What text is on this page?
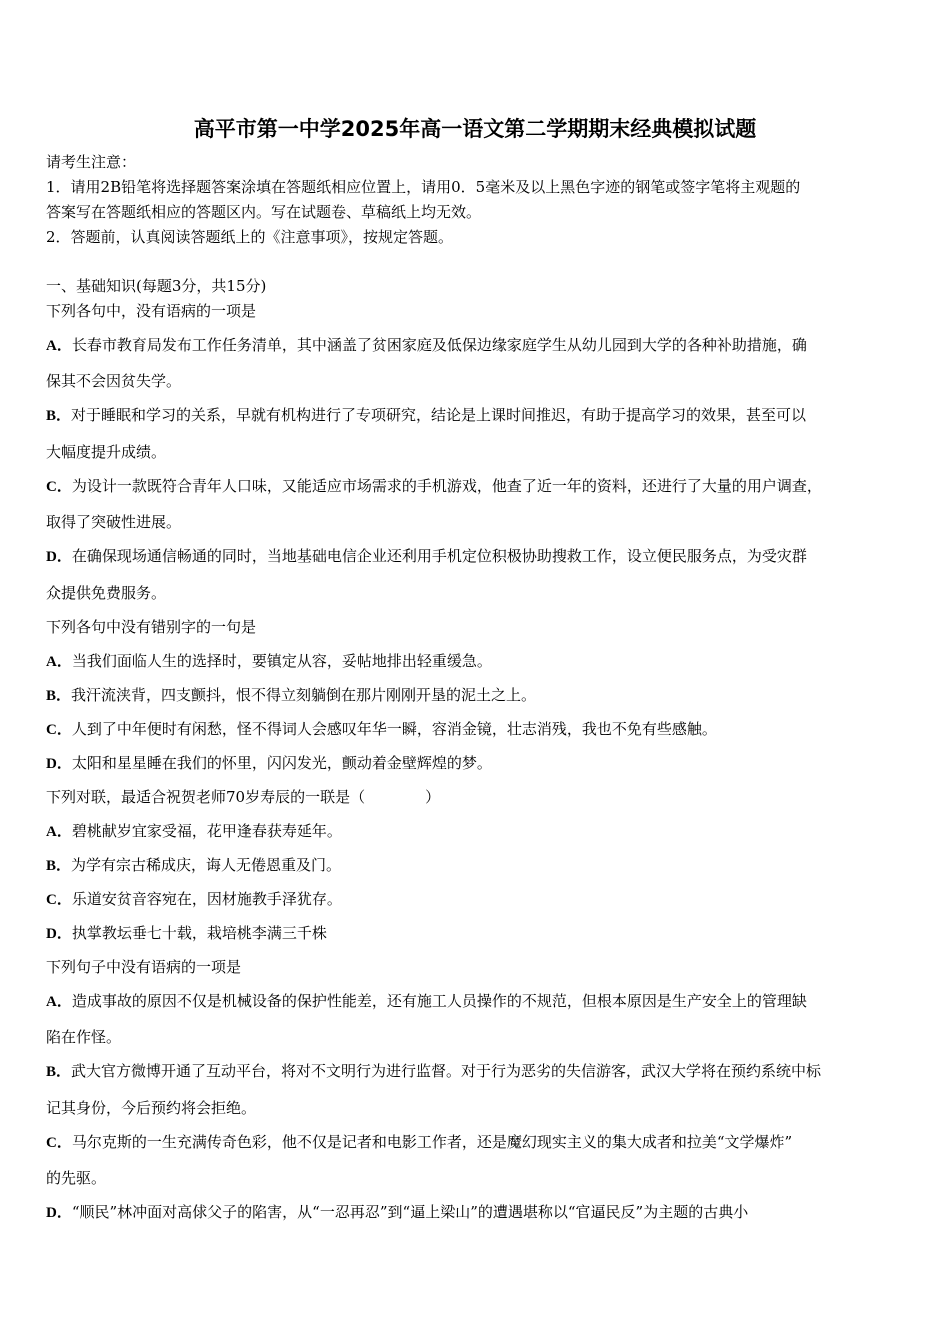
高平市第一中学2025年高一语文第二学期期末经典模拟试题
请考生注意：
1．请用2B铅笔将选择题答案涂填在答题纸相应位置上，请用0．5毫米及以上黑色字迹的钢笔或签字笔将主观题的
答案写在答题纸相应的答题区内。写在试题卷、草稿纸上均无效。
2．答题前，认真阅读答题纸上的《注意事项》，按规定答题。
一、基础知识(每题3分，共15分)
下列各句中，没有语病的一项是
A．长春市教育局发布工作任务清单，其中涵盖了贫困家庭及低保边缘家庭学生从幼儿园到大学的各种补助措施，确
保其不会因贫失学。
B．对于睡眠和学习的关系，早就有机构进行了专项研究，结论是上课时间推迟，有助于提高学习的效果，甚至可以
大幅度提升成绩。
C．为设计一款既符合青年人口味，又能适应市场需求的手机游戏，他查了近一年的资料，还进行了大量的用户调查，
取得了突破性进展。
D．在确保现场通信畅通的同时，当地基础电信企业还利用手机定位积极协助搜救工作，设立便民服务点，为受灾群
众提供免费服务。
下列各句中没有错别字的一句是
A．当我们面临人生的选择时，要镇定从容，妥帖地排出轻重缓急。
B．我汗流浃背，四支颤抖，恨不得立刻躺倒在那片刚刚开垦的泥土之上。
C．人到了中年便时有闲愁，怪不得词人会感叹年华一瞬，容消金镜，壮志消残，我也不免有些感触。
D．太阳和星星睡在我们的怀里，闪闪发光，颤动着金壁辉煌的梦。
下列对联，最适合祝贺老师70岁寿辰的一联是（　　　　）
A．碧桃献岁宜家受福，花甲逢春获寿延年。
B．为学有宗古稀成庆，诲人无倦恩重及门。
C．乐道安贫音容宛在，因材施教手泽犹存。
D．执掌教坛垂七十载，栽培桃李满三千株
下列句子中没有语病的一项是
A．造成事故的原因不仅是机械设备的保护性能差，还有施工人员操作的不规范，但根本原因是生产安全上的管理缺
陷在作怪。
B．武大官方微博开通了互动平台，将对不文明行为进行监督。对于行为恶劣的失信游客，武汉大学将在预约系统中标
记其身份，今后预约将会拒绝。
C．马尔克斯的一生充满传奇色彩，他不仅是记者和电影工作者，还是魔幻现实主义的集大成者和拉美“文学爆炸”
的先驱。
D．“顺民”林冲面对高俅父子的陷害，从“一忍再忍”到“逼上梁山”的遭遇堪称以“官逼民反”为主题的古典小
